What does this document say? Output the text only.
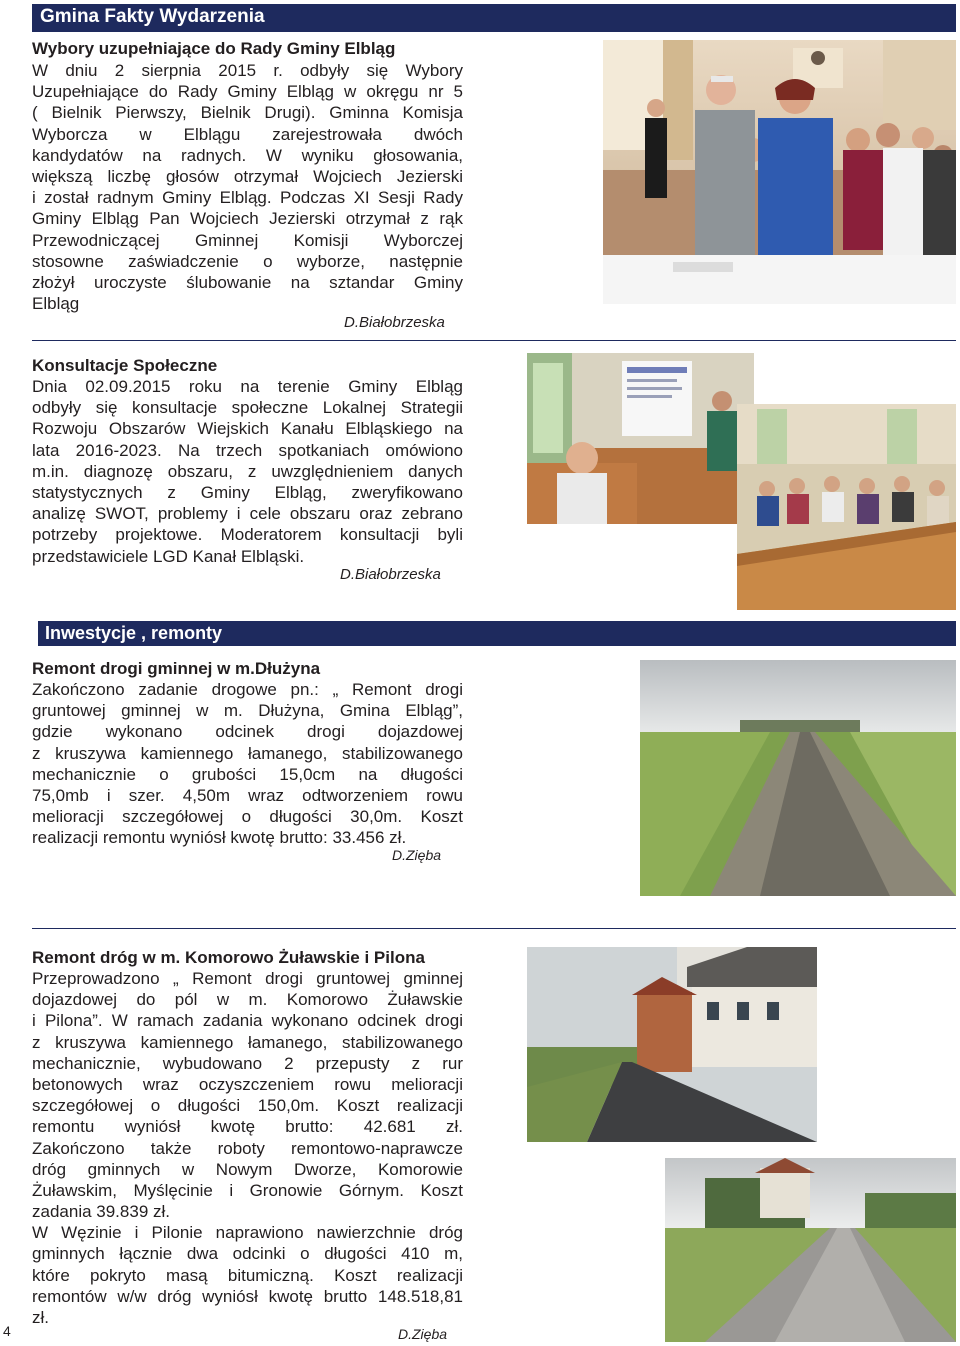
Gmina Fakty Wydarzenia
Wybory uzupełniające do Rady Gminy Elbląg
W dniu 2 sierpnia 2015 r. odbyły się Wybory
Uzupełniające do Rady Gminy Elbląg w okręgu nr 5
( Bielnik Pierwszy, Bielnik Drugi). Gminna Komisja
Wyborcza w Elblągu zarejestrowała dwóch
kandydatów na radnych. W wyniku głosowania,
większą liczbę głosów otrzymał Wojciech Jezierski
i został radnym Gminy Elbląg. Podczas XI Sesji Rady
Gminy Elbląg Pan Wojciech Jezierski otrzymał z rąk
Przewodniczącej Gminnej Komisji Wyborczej
stosowne zaświadczenie o wyborze, następnie
złożył uroczyste ślubowanie na sztandar Gminy
Elbląg
D.Białobrzeska
Konsultacje Społeczne
Dnia 02.09.2015 roku na terenie Gminy Elbląg
odbyły się konsultacje społeczne Lokalnej Strategii
Rozwoju Obszarów Wiejskich Kanału Elbląskiego na
lata 2016-2023. Na trzech spotkaniach omówiono
m.in. diagnozę obszaru, z uwzględnieniem danych
statystycznych z Gminy Elbląg, zweryfikowano
analizę SWOT, problemy i cele obszaru oraz zebrano
potrzeby projektowe. Moderatorem konsultacji byli
przedstawiciele LGD Kanał Elbląski.
D.Białobrzeska
Inwestycje , remonty
Remont drogi gminnej w m.Dłużyna
Zakończono zadanie drogowe pn.: „ Remont drogi
gruntowej gminnej w m. Dłużyna, Gmina Elbląg”,
gdzie wykonano odcinek drogi dojazdowej
z kruszywa kamiennego łamanego, stabilizowanego
mechanicznie o grubości 15,0cm na długości
75,0mb i szer. 4,50m wraz odtworzeniem rowu
melioracji szczegółowej o długości 30,0m. Koszt
realizacji remontu wyniósł kwotę brutto: 33.456 zł.
D.Zięba
Remont dróg w m. Komorowo Żuławskie i Pilona
Przeprowadzono „ Remont drogi gruntowej gminnej
dojazdowej do pól w m. Komorowo Żuławskie
i Pilona”. W ramach zadania wykonano odcinek drogi
z kruszywa kamiennego łamanego, stabilizowanego
mechanicznie, wybudowano 2 przepusty z rur
betonowych wraz oczyszczeniem rowu melioracji
szczegółowej o długości 150,0m. Koszt realizacji
remontu wyniósł kwotę brutto: 42.681 zł.
Zakończono także roboty remontowo-naprawcze
dróg gminnych w Nowym Dworze, Komorowie
Żuławskim, Myślęcinie i Gronowie Górnym. Koszt
zadania 39.839 zł.
W Węzinie i Pilonie naprawiono nawierzchnie dróg
gminnych łącznie dwa odcinki o długości 410 m,
które pokryto masą bitumiczną. Koszt realizacji
remontów w/w dróg wyniósł kwotę brutto 148.518,81
zł.
D.Zięba
4
